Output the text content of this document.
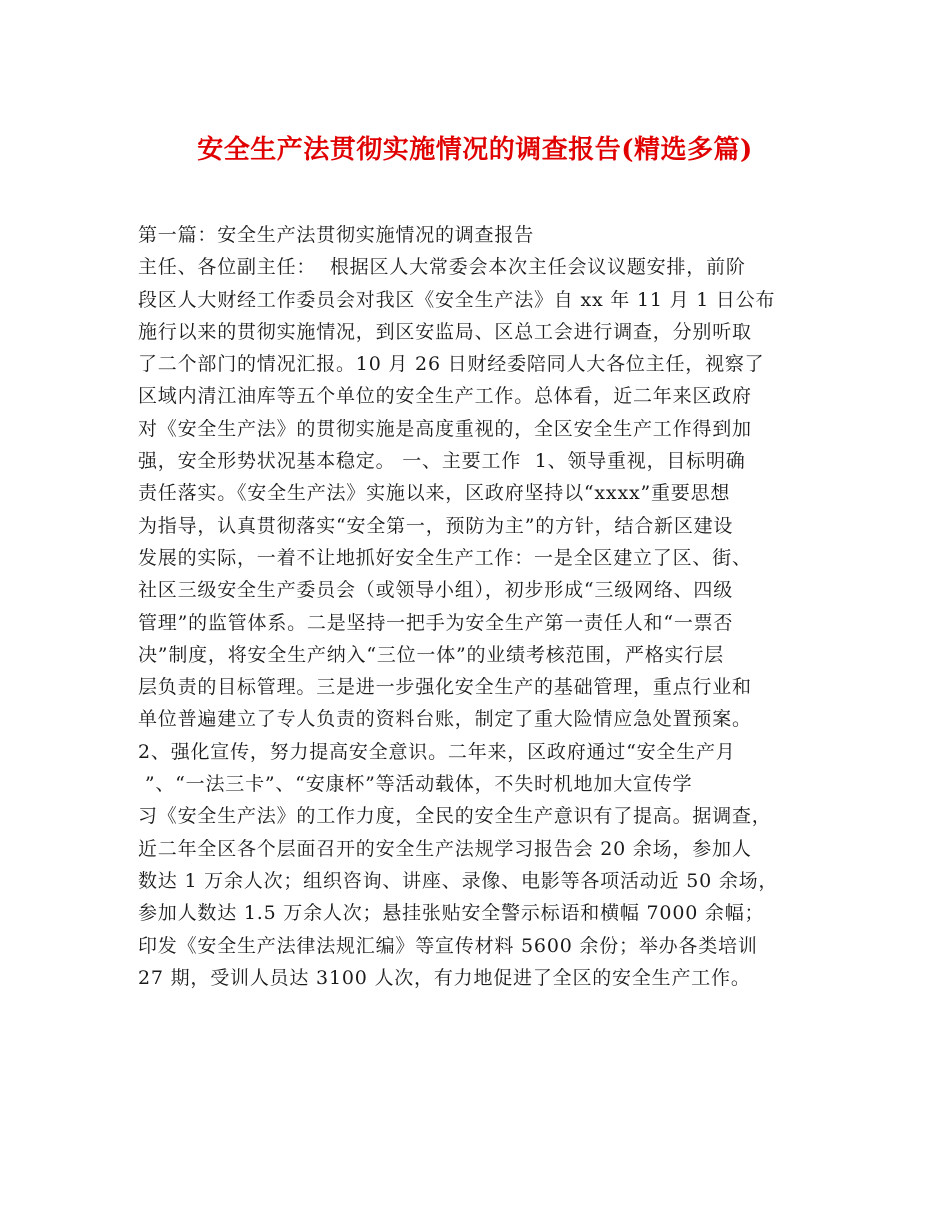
安全生产法贯彻实施情况的调查报告(精选多篇)
第一篇：安全生产法贯彻实施情况的调查报告
主任、各位副主任：  根据区人大常委会本次主任会议议题安排，前阶
段区人大财经工作委员会对我区《安全生产法》自 xx 年 11 月 1 日公布
施行以来的贯彻实施情况，到区安监局、区总工会进行调查，分别听取
了二个部门的情况汇报。10 月 26 日财经委陪同人大各位主任，视察了
区域内清江油库等五个单位的安全生产工作。总体看，近二年来区政府
对《安全生产法》的贯彻实施是高度重视的，全区安全生产工作得到加
强，安全形势状况基本稳定。 一、主要工作  1、领导重视，目标明确
责任落实。《安全生产法》实施以来，区政府坚持以“xxxx”重要思想
为指导，认真贯彻落实“安全第一，预防为主”的方针，结合新区建设
发展的实际，一着不让地抓好安全生产工作：一是全区建立了区、街、
社区三级安全生产委员会（或领导小组），初步形成“三级网络、四级
管理”的监管体系。二是坚持一把手为安全生产第一责任人和“一票否
决”制度，将安全生产纳入“三位一体”的业绩考核范围，严格实行层
层负责的目标管理。三是进一步强化安全生产的基础管理，重点行业和
单位普遍建立了专人负责的资料台账，制定了重大险情应急处置预案。
2、强化宣传，努力提高安全意识。二年来，区政府通过“安全生产月
”、“一法三卡”、“安康杯”等活动载体，不失时机地加大宣传学
习《安全生产法》的工作力度，全民的安全生产意识有了提高。据调查，
近二年全区各个层面召开的安全生产法规学习报告会 20 余场，参加人
数达 1 万余人次；组织咨询、讲座、录像、电影等各项活动近 50 余场，
参加人数达 1.5 万余人次；悬挂张贴安全警示标语和横幅 7000 余幅；
印发《安全生产法律法规汇编》等宣传材料 5600 余份；举办各类培训
27 期，受训人员达 3100 人次，有力地促进了全区的安全生产工作。
